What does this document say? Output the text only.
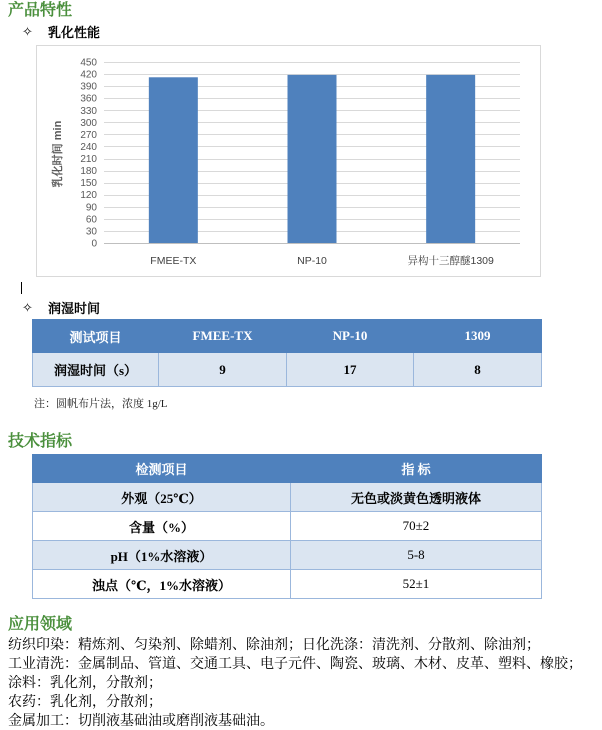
产品特性
✧ 乳化性能
乳化时间 min
0
30
60
90
120
150
180
210
240
270
300
330
360
390
420
450
FMEE-TX	NP-10	异构十三醇醚1309
✧ 润湿时间
测试项目	FMEE-TX	NP-10	1309
润湿时间（s）	9	17	8
注：圆帆布片法，浓度 1g/L
技术指标
检测项目	指 标
外观（25℃）	无色或淡黄色透明液体
含量（%）	70±2
pH（1%水溶液）	5-8
浊点（℃，1%水溶液）	52±1
应用领域
纺织印染：精炼剂、匀染剂、除蜡剂、除油剂；日化洗涤：清洗剂、分散剂、除油剂；
工业清洗：金属制品、管道、交通工具、电子元件、陶瓷、玻璃、木材、皮革、塑料、橡胶；
涂料：乳化剂，分散剂；
农药：乳化剂，分散剂；
金属加工：切削液基础油或磨削液基础油。
